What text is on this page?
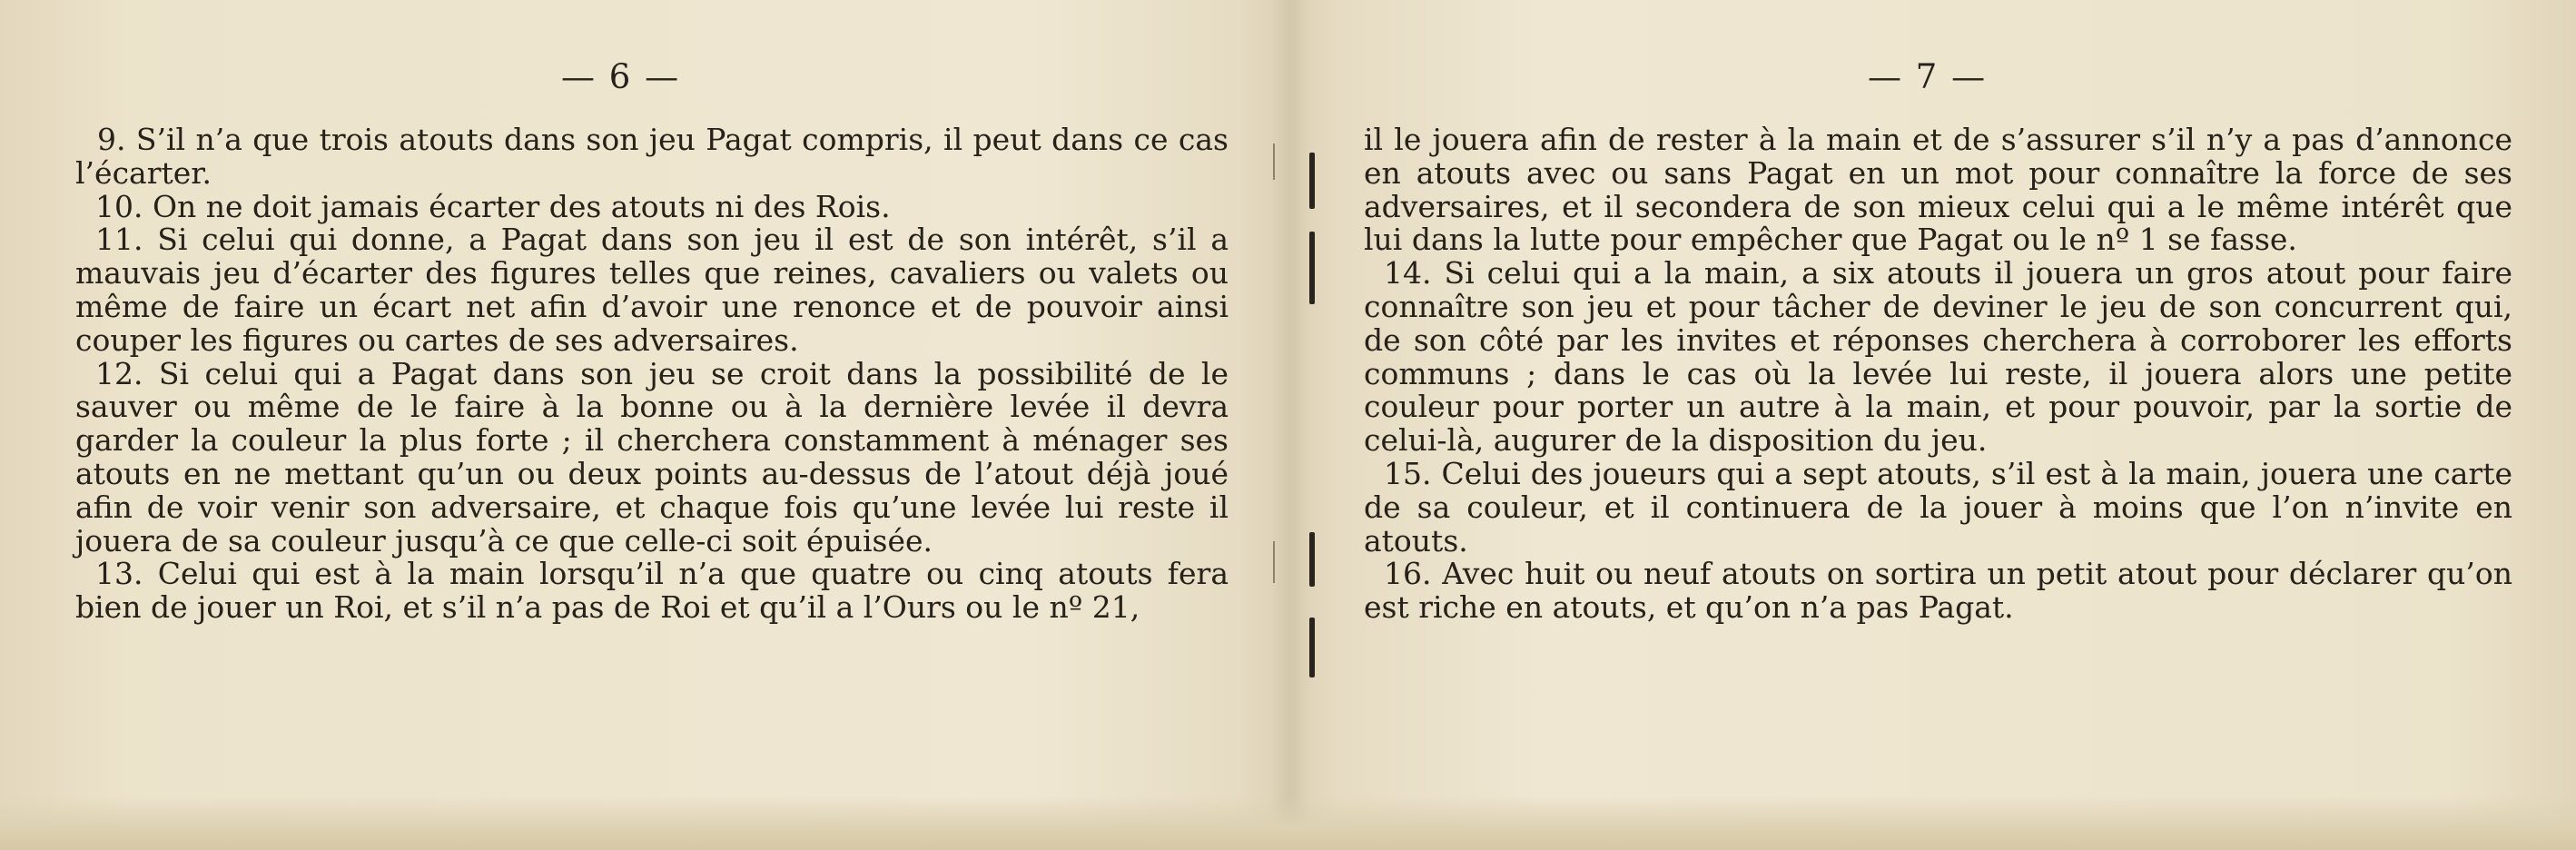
— 6 —

9. S’il n’a que trois atouts dans son jeu Pagat compris, il peut dans ce cas l’écarter.

10. On ne doit jamais écarter des atouts ni des Rois.

11. Si celui qui donne, a Pagat dans son jeu il est de son intérêt, s’il a mauvais jeu d’écarter des figures telles que reines, cavaliers ou valets ou même de faire un écart net afin d’avoir une renonce et de pouvoir ainsi couper les figures ou cartes de ses adversaires.

12. Si celui qui a Pagat dans son jeu se croit dans la possibilité de le sauver ou même de le faire à la bonne ou à la dernière levée il devra garder la couleur la plus forte ; il cherchera constamment à ménager ses atouts en ne mettant qu’un ou deux points au-dessus de l’atout déjà joué afin de voir venir son adversaire, et chaque fois qu’une levée lui reste il jouera de sa couleur jusqu’à ce que celle-ci soit épuisée.

13. Celui qui est à la main lorsqu’il n’a que quatre ou cinq atouts fera bien de jouer un Roi, et s’il n’a pas de Roi et qu’il a l’Ours ou le nº 21,

— 7 —

il le jouera afin de rester à la main et de s’assurer s’il n’y a pas d’annonce en atouts avec ou sans Pagat en un mot pour connaître la force de ses adversaires, et il secondera de son mieux celui qui a le même intérêt que lui dans la lutte pour empêcher que Pagat ou le nº 1 se fasse.

14. Si celui qui a la main, a six atouts il jouera un gros atout pour faire connaître son jeu et pour tâcher de deviner le jeu de son concurrent qui, de son côté par les invites et réponses cherchera à corroborer les efforts communs ; dans le cas où la levée lui reste, il jouera alors une petite couleur pour porter un autre à la main, et pour pouvoir, par la sortie de celui-là, augurer de la disposition du jeu.

15. Celui des joueurs qui a sept atouts, s’il est à la main, jouera une carte de sa couleur, et il continuera de la jouer à moins que l’on n’invite en atouts.

16. Avec huit ou neuf atouts on sortira un petit atout pour déclarer qu’on est riche en atouts, et qu’on n’a pas Pagat.
